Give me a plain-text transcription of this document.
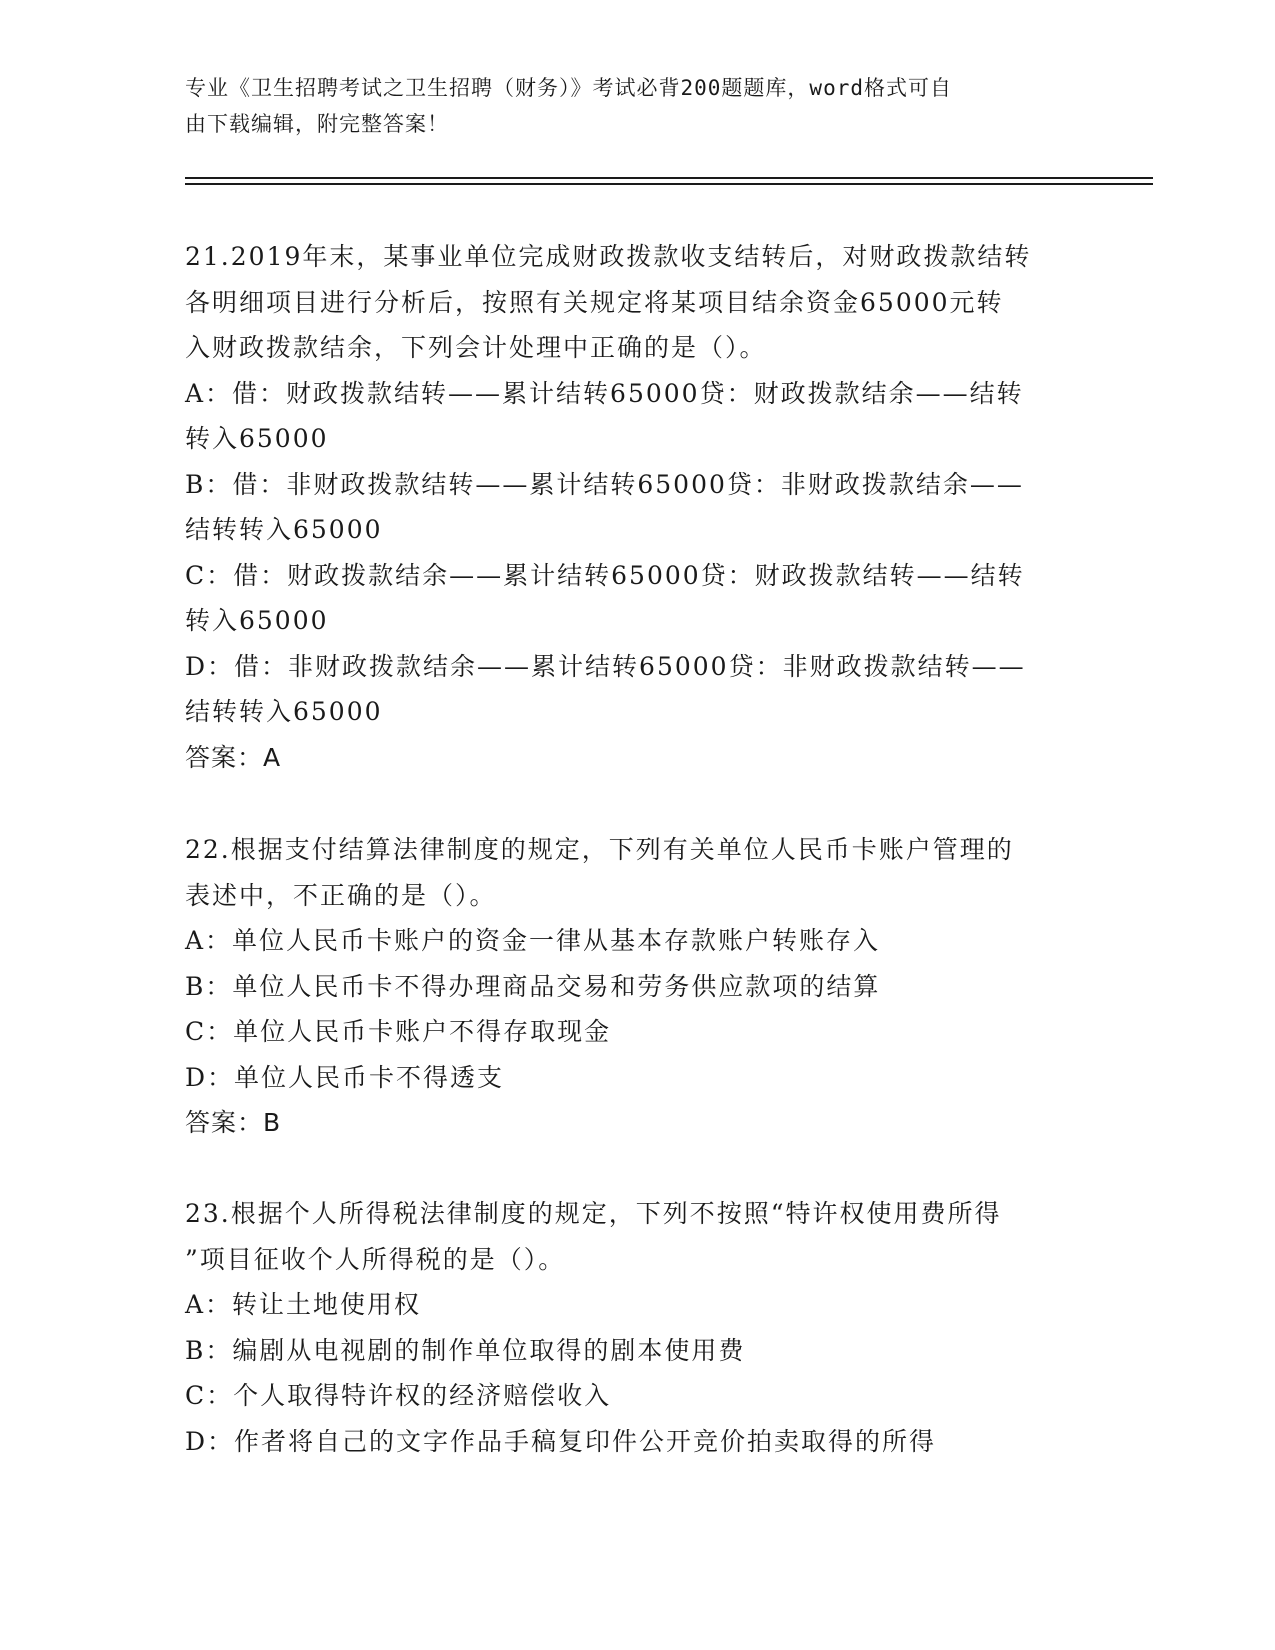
专业《卫生招聘考试之卫生招聘（财务）》考试必背200题题库，word格式可自
由下载编辑，附完整答案！

21.2019年末，某事业单位完成财政拨款收支结转后，对财政拨款结转

各明细项目进行分析后，按照有关规定将某项目结余资金65000元转

入财政拨款结余，下列会计处理中正确的是（）。

A：借：财政拨款结转——累计结转65000贷：财政拨款结余——结转

转入65000

B：借：非财政拨款结转——累计结转65000贷：非财政拨款结余——

结转转入65000

C：借：财政拨款结余——累计结转65000贷：财政拨款结转——结转

转入65000

D：借：非财政拨款结余——累计结转65000贷：非财政拨款结转——

结转转入65000

答案：A

22.根据支付结算法律制度的规定，下列有关单位人民币卡账户管理的

表述中，不正确的是（）。

A：单位人民币卡账户的资金一律从基本存款账户转账存入

B：单位人民币卡不得办理商品交易和劳务供应款项的结算

C：单位人民币卡账户不得存取现金

D：单位人民币卡不得透支

答案：B

23.根据个人所得税法律制度的规定，下列不按照“特许权使用费所得

”项目征收个人所得税的是（）。

A：转让土地使用权

B：编剧从电视剧的制作单位取得的剧本使用费

C：个人取得特许权的经济赔偿收入

D：作者将自己的文字作品手稿复印件公开竞价拍卖取得的所得
